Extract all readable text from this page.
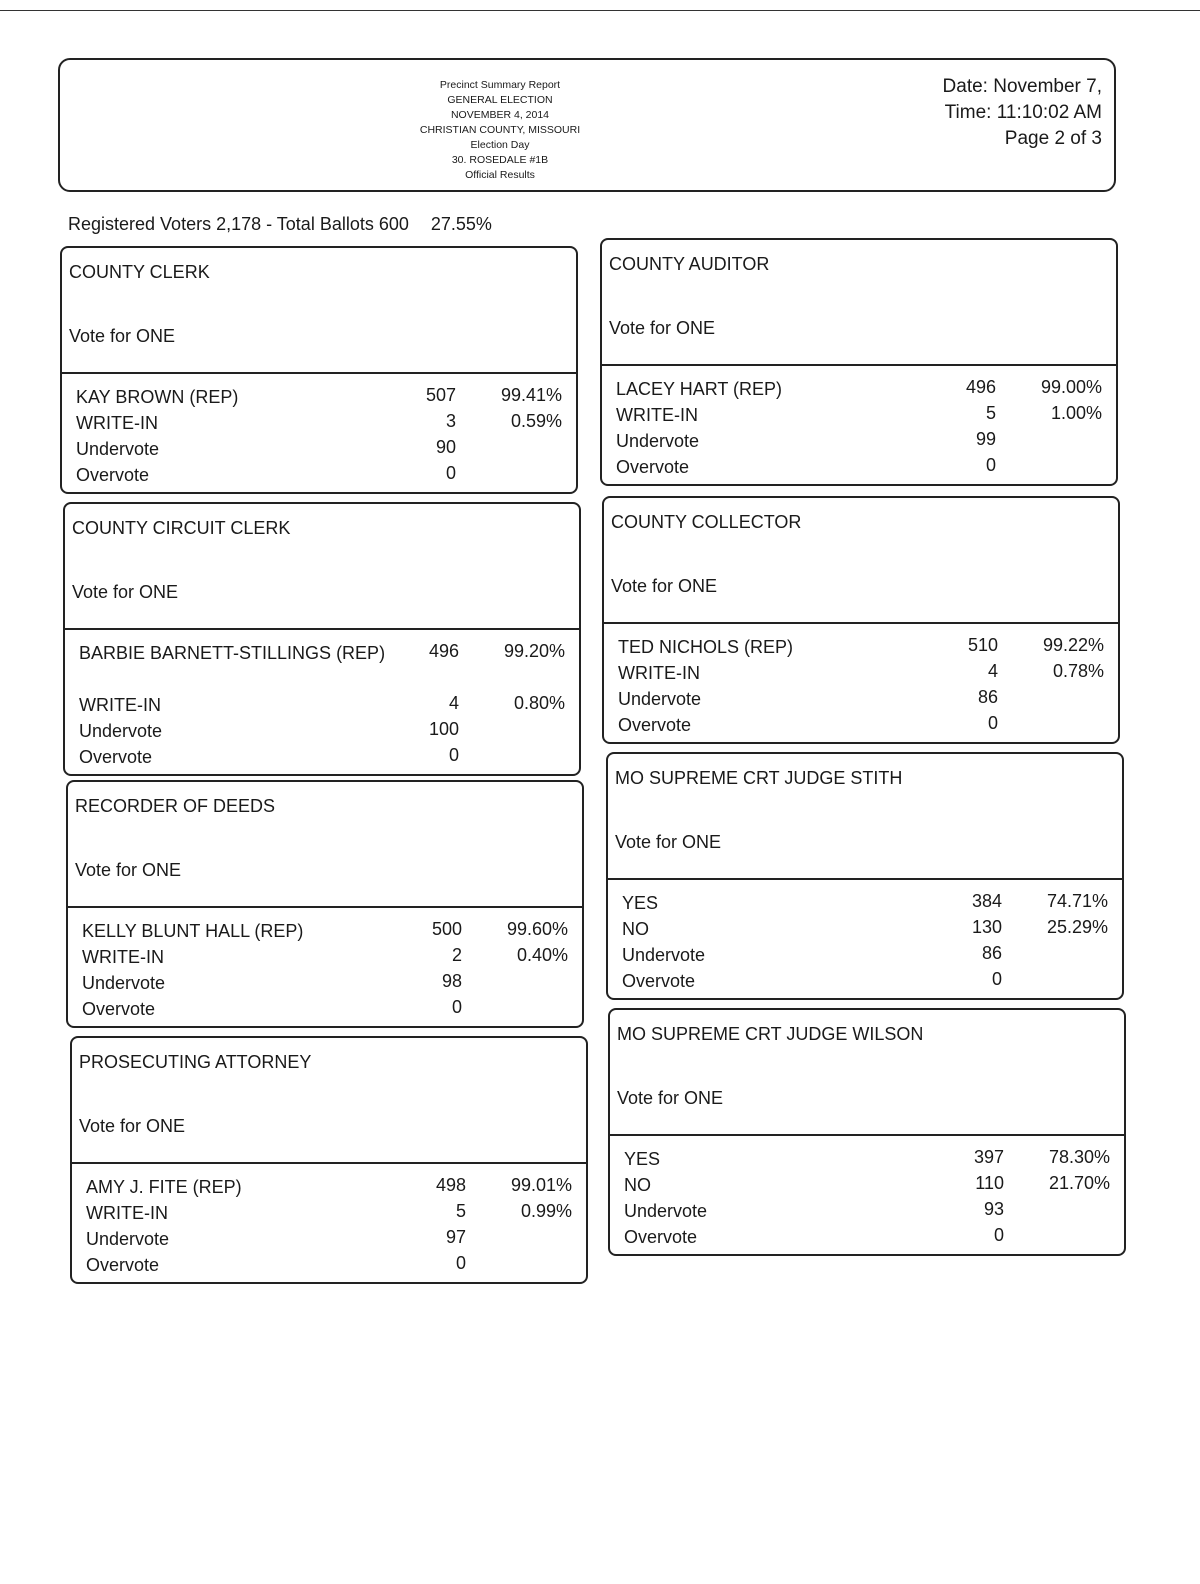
Precinct Summary Report
GENERAL ELECTION
NOVEMBER 4, 2014
CHRISTIAN COUNTY, MISSOURI
Election Day
30. ROSEDALE #1B
Official Results
Date: November 7,
Time: 11:10:02 AM
Page 2 of 3
Registered Voters 2,178 - Total Ballots 600 27.55%
COUNTY CLERK
Vote for ONE
KAY BROWN (REP)	507 99.41%
WRITE-IN	3	0.59%
Undervote	90
Overvote	0
COUNTY AUDITOR
Vote for ONE
LACEY HART (REP)	496 99.00%
WRITE-IN	5	1.00%
Undervote	99
Overvote	0
COUNTY CIRCUIT CLERK
Vote for ONE
BARBIE BARNETT-STILLINGS (REP)	496 99.20%
WRITE-IN	4	0.80%
Undervote	100
Overvote	0
COUNTY COLLECTOR
Vote for ONE
TED NICHOLS (REP)	510 99.22%
WRITE-IN	4	0.78%
Undervote	86
Overvote	0
RECORDER OF DEEDS
Vote for ONE
KELLY BLUNT HALL (REP)	500 99.60%
WRITE-IN	2	0.40%
Undervote	98
Overvote	0
MO SUPREME CRT JUDGE STITH
Vote for ONE
YES	384 74.71%
NO	130 25.29%
Undervote	86
Overvote	0
PROSECUTING ATTORNEY
Vote for ONE
AMY J. FITE (REP)	498 99.01%
WRITE-IN	5	0.99%
Undervote	97
Overvote	0
MO SUPREME CRT JUDGE WILSON
Vote for ONE
YES	397 78.30%
NO	110 21.70%
Undervote	93
Overvote	0
